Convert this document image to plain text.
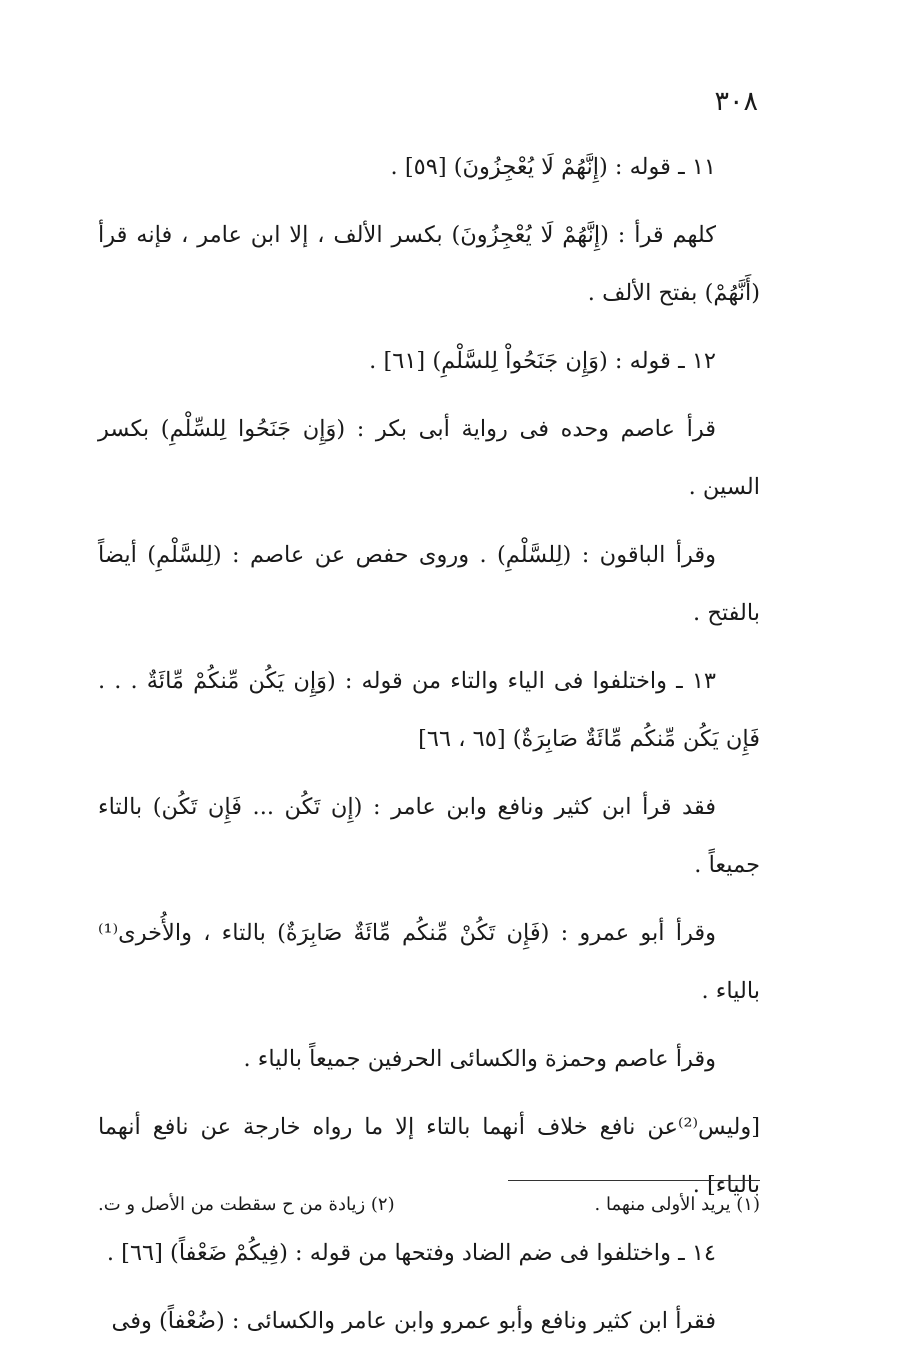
٣٠٨

١١ ـ قوله : (إِنَّهُمْ لَا يُعْجِزُونَ) [٥٩] .

كلهم قرأ : (إِنَّهُمْ لَا يُعْجِزُونَ) بكسر الألف ، إلا ابن عامر ، فإنه قرأ (أَنَّهُمْ) بفتح الألف .

١٢ ـ قوله : (وَإِن جَنَحُواْ لِلسَّلْمِ) [٦١] .

قرأ عاصم وحده فى رواية أبى بكر : (وَإِن جَنَحُوا لِلسِّلْمِ) بكسر السين .

وقرأ الباقون : (لِلسَّلْمِ) . وروى حفص عن عاصم : (لِلسَّلْمِ) أيضاً بالفتح .

١٣ ـ واختلفوا فى الياء والتاء من قوله : (وَإِن يَكُن مِّنكُمْ مِّائَةٌ . . . فَإِن يَكُن مِّنكُم مِّائَةٌ صَابِرَةٌ) [٦٥ ، ٦٦]

فقد قرأ ابن كثير ونافع وابن عامر : (إِن تَكُن ... فَإِن تَكُن) بالتاء جميعاً .

وقرأ أبو عمرو : (فَإِن تَكُنْ مِّنكُم مِّائَةٌ صَابِرَةٌ) بالتاء ، والأُخرى⁽¹⁾ بالياء .

وقرأ عاصم وحمزة والكسائى الحرفين جميعاً بالياء .

[وليس⁽²⁾عن نافع خلاف أنهما بالتاء إلا ما رواه خارجة عن نافع أنهما بالياء] .

١٤ ـ واختلفوا فى ضم الضاد وفتحها من قوله : (فِيكُمْ ضَعْفاً) [٦٦] .

فقرأ ابن كثير ونافع وأبو عمرو وابن عامر والكسائى : (ضُعْفاً) وفى

(١) يريد الأولى منهما .
(٢) زيادة من ح سقطت من الأصل و ت.
